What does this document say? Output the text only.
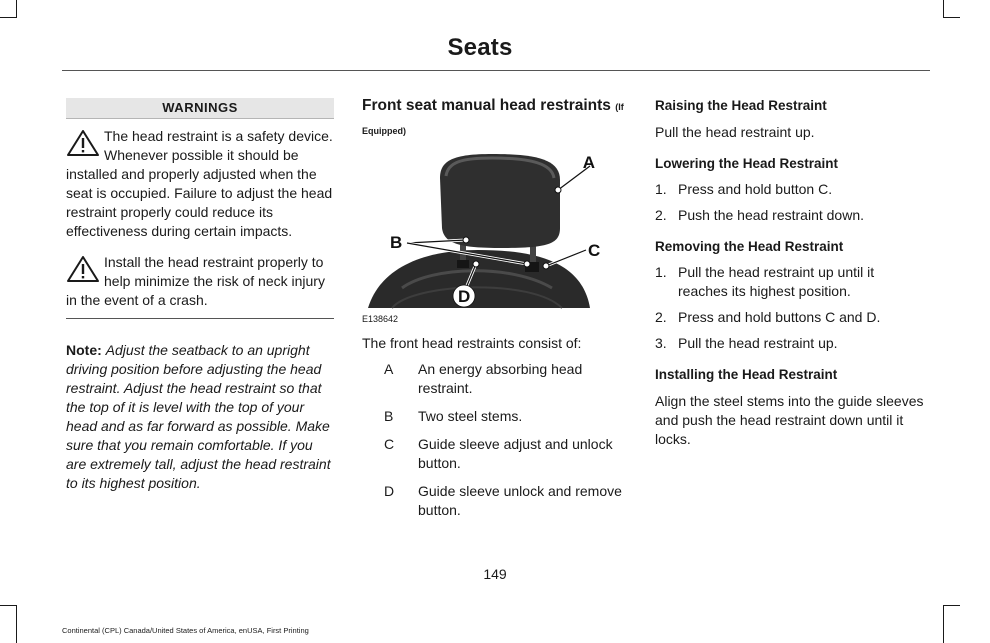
Seats
WARNINGS
The head restraint is a safety device. Whenever possible it should be installed and properly adjusted when the seat is occupied. Failure to adjust the head restraint properly could reduce its effectiveness during certain impacts.
Install the head restraint properly to help minimize the risk of neck injury in the event of a crash.
Note: Adjust the seatback to an upright driving position before adjusting the head restraint. Adjust the head restraint so that the top of it is level with the top of your head and as far forward as possible. Make sure that you remain comfortable. If you are extremely tall, adjust the head restraint to its highest position.
Front seat manual head restraints (If
Equipped)
A
B	C
D
E138642
The front head restraints consist of:
A	An energy absorbing head restraint.
B	Two steel stems.
C	Guide sleeve adjust and unlock button.
D	Guide sleeve unlock and remove button.
Raising the Head Restraint
Pull the head restraint up.
Lowering the Head Restraint
1. Press and hold button C.
2. Push the head restraint down.
Removing the Head Restraint
1. Pull the head restraint up until it reaches its highest position.
2. Press and hold buttons C and D.
3. Pull the head restraint up.
Installing the Head Restraint
Align the steel stems into the guide sleeves and push the head restraint down until it locks.
149
Continental (CPL) Canada/United States of America, enUSA, First Printing
